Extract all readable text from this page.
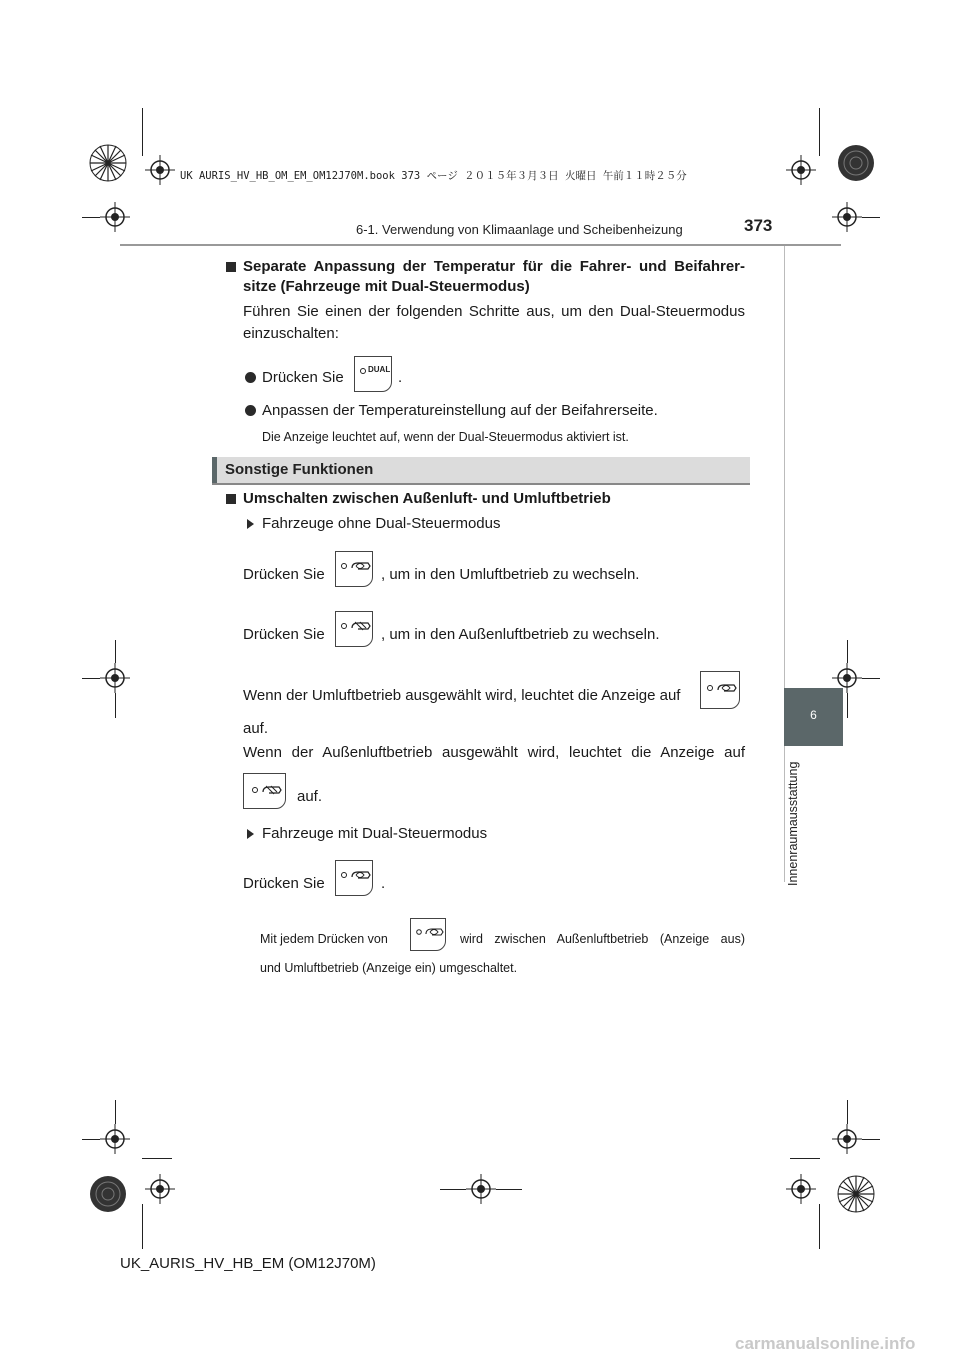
UK AURIS_HV_HB_OM_EM_OM12J70M.book 373 ページ ２０１５年３月３日 火曜日 午前１１時２５分
6-1. Verwendung von Klimaanlage und Scheibenheizung	373
6
Innenraumausstattung
Separate Anpassung der Temperatur für die Fahrer- und Beifahrer-
sitze (Fahrzeuge mit Dual-Steuermodus)
Führen Sie einen der folgenden Schritte aus, um den Dual-Steuermodus
einzuschalten:
Drücken Sie	DUAL .
Anpassen der Temperatureinstellung auf der Beifahrerseite.
Die Anzeige leuchtet auf, wenn der Dual-Steuermodus aktiviert ist.
Sonstige Funktionen
Umschalten zwischen Außenluft- und Umluftbetrieb
Fahrzeuge ohne Dual-Steuermodus
Drücken Sie	, um in den Umluftbetrieb zu wechseln.
Drücken Sie	, um in den Außenluftbetrieb zu wechseln.
Wenn der Umluftbetrieb ausgewählt wird, leuchtet die Anzeige auf
auf.
Wenn der Außenluftbetrieb ausgewählt wird, leuchtet die Anzeige auf
auf.
Fahrzeuge mit Dual-Steuermodus
Drücken Sie	.
Mit jedem Drücken von	wird zwischen Außenluftbetrieb (Anzeige aus)
und Umluftbetrieb (Anzeige ein) umgeschaltet.
UK_AURIS_HV_HB_EM (OM12J70M)
carmanualsonline.info
